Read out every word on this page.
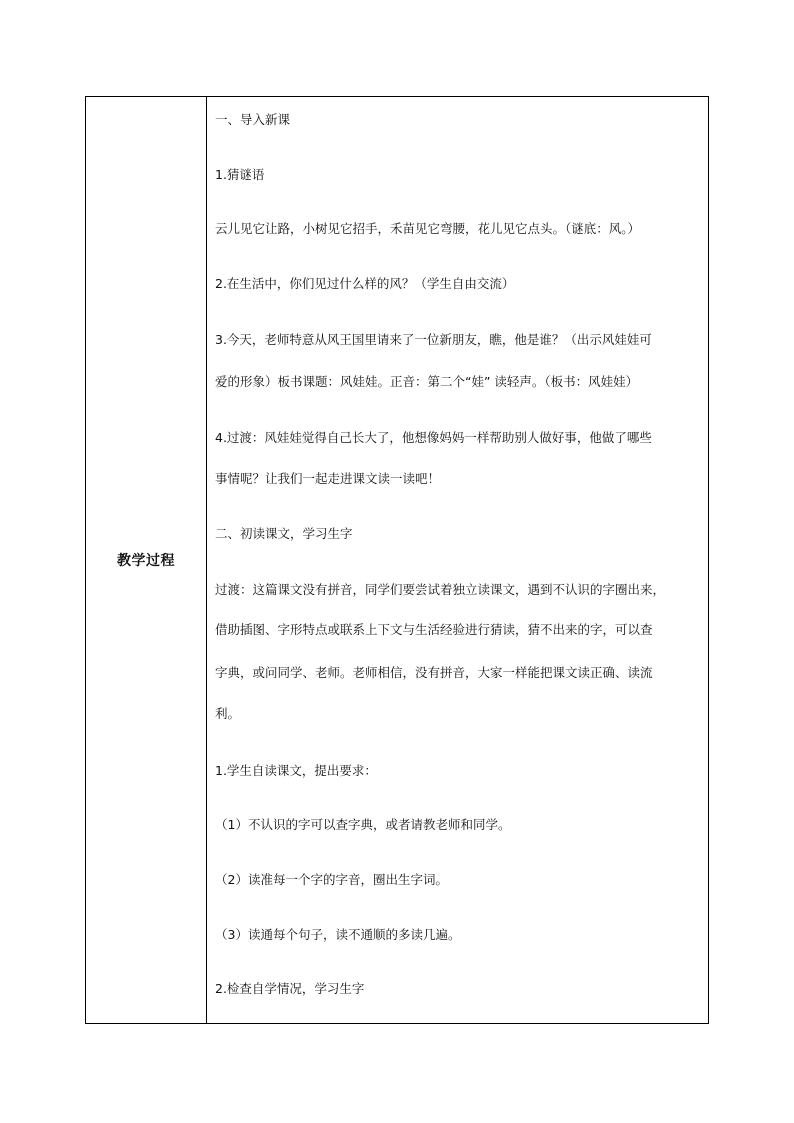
教学过程
一、导入新课
1.猜谜语
云儿见它让路，小树见它招手，禾苗见它弯腰，花儿见它点头。（谜底：风。）
2.在生活中，你们见过什么样的风？（学生自由交流）
3.今天，老师特意从风王国里请来了一位新朋友，瞧，他是谁？（出示风娃娃可
爱的形象）板书课题：风娃娃。正音：第二个“娃” 读轻声。（板书：风娃娃）
4.过渡：风娃娃觉得自己长大了，他想像妈妈一样帮助别人做好事，他做了哪些
事情呢？让我们一起走进课文读一读吧！
二、初读课文，学习生字
过渡：这篇课文没有拼音，同学们要尝试着独立读课文，遇到不认识的字圈出来，
借助插图、字形特点或联系上下文与生活经验进行猜读，猜不出来的字，可以查
字典，或问同学、老师。老师相信，没有拼音，大家一样能把课文读正确、读流
利。
1.学生自读课文，提出要求：
（1）不认识的字可以查字典，或者请教老师和同学。
（2）读准每一个字的字音，圈出生字词。
（3）读通每个句子，读不通顺的多读几遍。
2.检查自学情况，学习生字
